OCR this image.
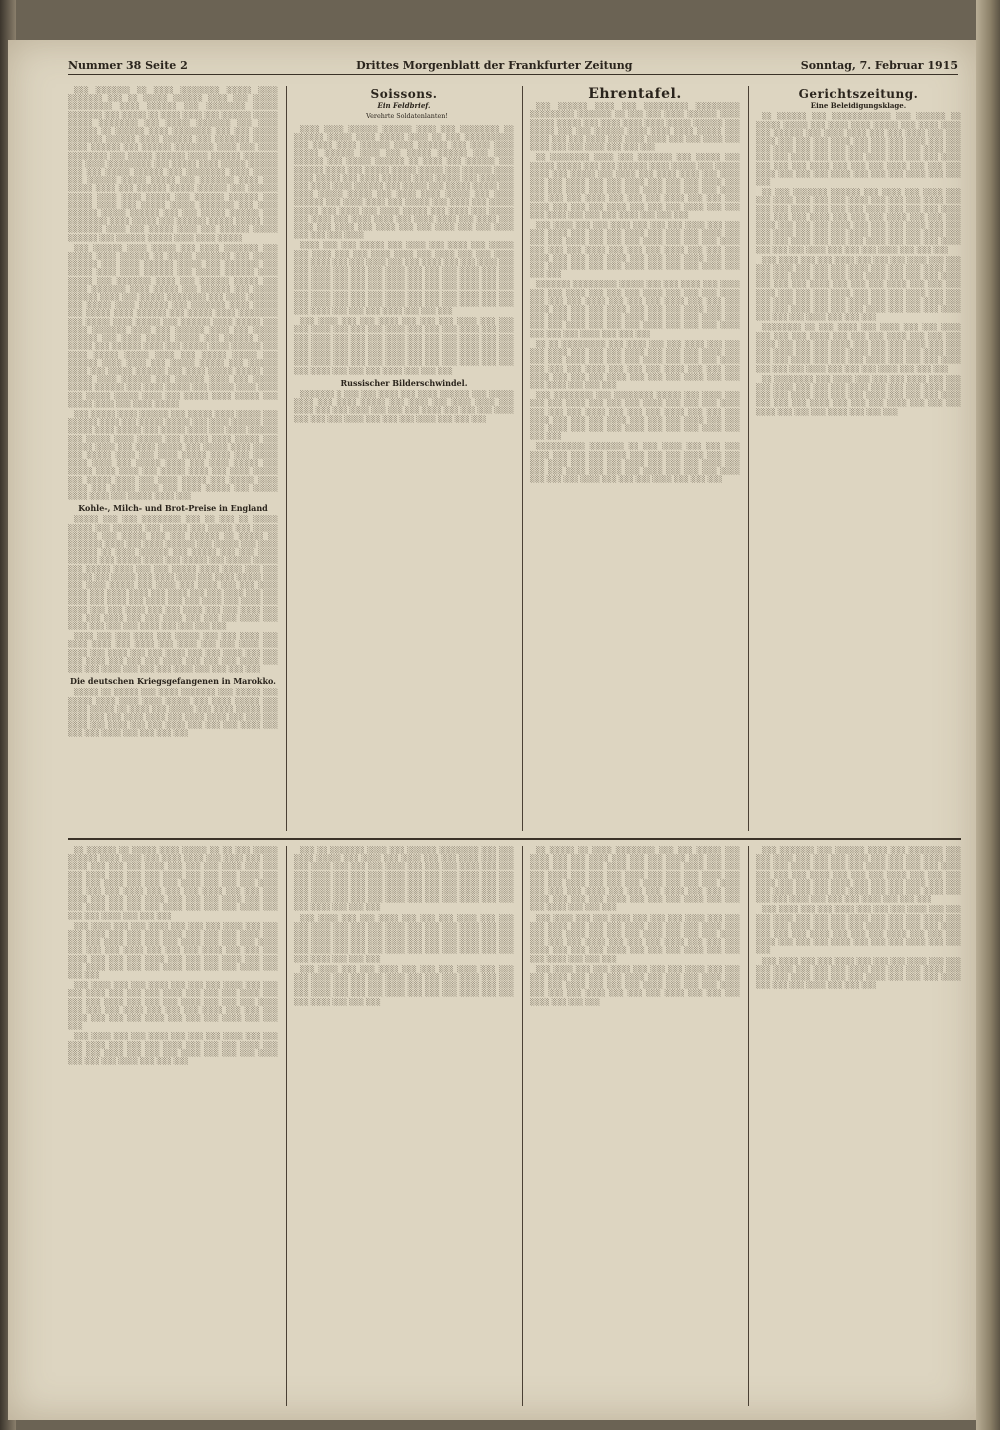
Nummer 38 Seite 2	Drittes Morgenblatt der Frankfurter Zeitung	Sonntag, 7. Februar 1915

░░░ ░░░░░░░ ░░ ░░░░ ░░░░░░░░ ░░░░░ ░░░░ ░░░░░░░ ░░░ ░░ ░░░░░ ░░░░░░ ░░░░ ░░░ ░░░░░ ░░░░░░░░░ ░░░░ ░░░░░░ ░░░ ░░░░░░░░ ░░░░░ ░░░░░░░ ░░░ ░░░░░ ░░ ░░░░ ░░░░ ░░░ ░░░░░░ ░░░░░ ░░░░░ ░░░░░░░░ ░░░ ░░░░░ ░░░░░░░ ░░░ ░░░░ ░░░░░░ ░░ ░░░░░░ ░░░░ ░░░░░░░░ ░░░ ░░░ ░░░░░ ░░░░░░░ ░░░░░░ ░░░░ ░░░░░░ ░░░ ░░░░░░░ ░░░░░ ░░░░ ░░░░░░ ░░░ ░░░░░░ ░░░░░░░░ ░░░░ ░░░ ░░░░ ░░░░░░░░ ░░░ ░░░░░ ░░░░░░ ░░░░ ░░░░░░ ░░░░░░░ ░░░ ░░░░ ░░░░░░░░░ ░░░ ░░░░░ ░░░░ ░░░░░ ░░░░░░ ░░░ ░░░ ░░░░░ ░░░░░░ ░░░ ░░░░░░░░ ░░░░ ░░░░░ ░░░ ░░░░░░ ░░░░░ ░░░░░ ░░░ ░░░░░░░ ░░░░ ░░░ ░░░░░ ░░░░ ░░░ ░░░░░░ ░░░░░ ░░░░░░ ░░░ ░░░░░░ ░░░░░ ░░░░ ░░░░ ░░░░░ ░░░ ░░░░░░ ░░░░░░ ░░░ ░░░░░ ░░░░ ░░░ ░░░░░ ░░░░░ ░░░░░░░ ░░░ ░░░░ ░░░░░░ ░░░░░ ░░░░░░ ░░░ ░░░ ░░░░░ ░░░░░░ ░░░ ░░░░░░░░ ░░░░ ░░░░░ ░░░ ░░░░░░ ░░░░░ ░░░░░ ░░░ ░░░░░░░ ░░░░ ░░░ ░░░░░ ░░░░ ░░░ ░░░░░░ ░░░░░ ░░░░░░ ░░░ ░░░░░░ ░░░░░ ░░░░ ░░░░ ░░░░░

░░░ ░░░░░░ ░░░░ ░░░░░ ░░░ ░░░░ ░░░░░░░ ░░░ ░░░░░ ░░░░ ░░░░░░ ░░ ░░░░░ ░░░░░░░ ░░░ ░░░░░ ░░░░░░ ░░░ ░░░░ ░░░░░░ ░░░░░ ░░░ ░░░░░░░ ░░░ ░░░░░ ░░░░ ░░░░ ░░░░░░ ░░░ ░░░░░ ░░░░░░ ░░░░ ░░░░░ ░░░ ░░░░░░░ ░░░░ ░░░ ░░░░░░ ░░░░░ ░░░ ░░░░ ░░░░░░░ ░░░░ ░░░░░ ░░░ ░░░░░░ ░░░ ░░░░░ ░░░░░░ ░░░░ ░░░ ░░░░░ ░░░░░░░░ ░░░ ░░░░ ░░░░░░ ░░░ ░░░░░ ░░░░ ░░░░░░ ░░░ ░░░░░░░ ░░░░ ░░░░░ ░░░ ░░░░░ ░░░░ ░░░░░░ ░░░ ░░░░░ ░░░░ ░░░░░░░░ ░░░ ░░░░░ ░░░░ ░░░░░ ░░░ ░░░░░░ ░░░░ ░░░░░ ░░░ ░░░░ ░░░░░░░ ░░░░ ░░░ ░░░░░░ ░░░░ ░░░ ░░░░░ ░░░░░░ ░░░ ░░░░ ░░░░░ ░░░░░ ░░░ ░░░░░░ ░░░░ ░░░░░ ░░░ ░░░░░░ ░░░░ ░░░ ░░░░░ ░░░░ ░░░░░░ ░░░ ░░░░ ░░░░░ ░░░░░ ░░░░ ░░░ ░░░░░ ░░░░░ ░░░ ░░░░░░ ░░░░ ░░░░ ░░░ ░░░░░ ░░░░░ ░░░ ░░░░░░ ░░░░ ░░░ ░░░░░ ░░░░░░ ░░░ ░░░░ ░░░░░ ░░░░░ ░░░ ░░░░░ ░░░░ ░░░░░░ ░░░ ░░░░░░ ░░░░ ░░░ ░░░░░ ░░░░░ ░░░░░░ ░░░ ░░░░ ░░░░░ ░░░ ░░░░░ ░░░░ ░░░░ ░░░ ░░░░░ ░░░░░ ░░░░ ░░░ ░░░░░ ░░░░ ░░░░░ ░░░ ░░░░░ ░░░░ ░░░ ░░░░ ░░░░░

░░░ ░░░░░ ░░░░ ░░░░░░ ░░░ ░░░░░ ░░░░ ░░░░░ ░░░ ░░░░░░ ░░░░ ░░░ ░░░░░ ░░░░░ ░░░ ░░░░ ░░░░░░ ░░░ ░░░░░ ░░░░ ░░░░░ ░░░ ░░░░░ ░░░░ ░░░ ░░░░ ░░░░░░ ░░░ ░░░░░ ░░░░ ░░░░░ ░░░ ░░░░░ ░░░░ ░░░░░ ░░░ ░░░░░ ░░░░ ░░░ ░░░░ ░░░░░ ░░░ ░░░░░ ░░░░ ░░░░░ ░░░ ░░░░░ ░░░░ ░░░ ░░░░ ░░░░░ ░░░░ ░░░ ░░░░░ ░░░░ ░░░░ ░░░ ░░░░░ ░░░░ ░░░ ░░░░ ░░░░░ ░░░ ░░░░░ ░░░░ ░░░░ ░░░ ░░░░░ ░░░░ ░░░ ░░░░ ░░░░░ ░░░ ░░░░░ ░░░░ ░░░ ░░░░ ░░░░░ ░░░ ░░░░░ ░░░░ ░░░░ ░░░ ░░░░░ ░░░░ ░░░ ░░░░ ░░░░░ ░░░ ░░░░░ ░░░░ ░░░░ ░░░ ░░░░░ ░░░░ ░░░

Kohle-, Milch- und Brot-Preise in England

░░░░░ ░░░ ░░░ ░░░░░░░░ ░░░ ░░ ░░░ ░░ ░░░░░ ░░░░░ ░░░ ░░░░░░ ░░░ ░░░░░ ░░░ ░░░░░ ░░░ ░░░░░ ░░░░░░ ░░░ ░░░░░ ░░░ ░░░ ░░░░░░ ░░ ░░░░░ ░░ ░░░░░░░ ░░░░ ░░░ ░░░░ ░░░░░░ ░░░ ░░░░░ ░░░ ░░░░ ░░░░░░ ░░ ░░░░ ░░░░░░ ░░░ ░░░░░ ░░░ ░░░ ░░░░ ░░░░░░ ░░░ ░░░░░ ░░░░ ░░░ ░░░░░ ░░░ ░░░░░ ░░░░░ ░░░ ░░░░░ ░░░░ ░░░ ░░░ ░░░░░ ░░░░ ░░░░ ░░░ ░░░ ░░░░░ ░░░ ░░░░░ ░░░ ░░░░ ░░░░ ░░░ ░░░░ ░░░░░ ░░░ ░░░ ░░░░ ░░░░░ ░░░ ░░░░ ░░░ ░░░░ ░░░ ░░░ ░░░░ ░░░░ ░░░ ░░░░ ░░░░ ░░░ ░░░░ ░░░ ░░░ ░░░░ ░░░ ░░░ ░░░░ ░░░ ░░░░ ░░░ ░░░░ ░░░ ░░░ ░░░░ ░░░ ░░░░ ░░░ ░░░░ ░░░ ░░░ ░░░░ ░░░ ░░░ ░░░░ ░░░ ░░░ ░░░░ ░░░ ░░░ ░░░ ░░░░ ░░░ ░░░ ░░░░ ░░░ ░░░ ░░░ ░░░░ ░░░ ░░░░ ░░░ ░░░ ░░░ ░░░░ ░░░ ░░░ ░░░ ░░░

░░░░ ░░░ ░░░ ░░░░ ░░░ ░░░░░ ░░░ ░░░ ░░░░ ░░░ ░░░░ ░░░░ ░░░ ░░░░ ░░░ ░░░░ ░░░ ░░░ ░░░░ ░░░ ░░░░ ░░░ ░░░░ ░░░ ░░░ ░░░░ ░░░ ░░░ ░░░░ ░░░ ░░░ ░░░ ░░░░ ░░░ ░░░ ░░░ ░░░░ ░░░ ░░░ ░░░ ░░░░ ░░░ ░░░ ░░░ ░░░░ ░░░ ░░░ ░░░ ░░░░ ░░░ ░░░ ░░░ ░░░

Die deutschen Kriegsgefangenen in Marokko.

░░░░░ ░░ ░░░░░ ░░░ ░░░░ ░░░░░░░ ░░░ ░░░░░ ░░░ ░░░░░ ░░░░ ░░░░ ░░░░ ░░░░░ ░░░ ░░░░ ░░░░░ ░░░ ░░░░ ░░░░░ ░░ ░░░░ ░░░ ░░░░░ ░░░ ░░░░ ░░░░░ ░░░ ░░░░ ░░░ ░░░ ░░░░ ░░░░ ░░░ ░░░░ ░░░░ ░░░ ░░░ ░░░ ░░░░ ░░░ ░░░░ ░░░ ░░░ ░░░░ ░░░ ░░░ ░░░ ░░░░ ░░░ ░░░ ░░░ ░░░░ ░░░ ░░░ ░░░ ░░░

Soissons.
Ein Feldbrief.

Verehrte Soldatenlanten!

░░░░ ░░░░ ░░░░░░ ░░░░░░ ░░░░ ░░░ ░░░░░░░░ ░░ ░░░░░░ ░░░░░ ░░░░ ░░░░░ ░░░░ ░░ ░░░ ░░░░░░░░░░ ░░░ ░░░░ ░░░░ ░░░░░░ ░░░░ ░░░░░░ ░░░ ░░░░ ░░░░ ░░░░░ ░░░░░░ ░░░░ ░░░ ░░░░░ ░░░░░░ ░░░ ░░░░ ░░░░░░ ░░░ ░░░░░ ░░░░░░ ░░ ░░░░ ░░░ ░░░░░░ ░░░ ░░░░░░ ░░░░ ░░░ ░░░░░ ░░░░░ ░░░░░ ░░░ ░░░░░░ ░░░░ ░░░░ ░░░░░ ░░░ ░░░░ ░░░░░░ ░░░░ ░░░░░ ░░░ ░░░░░░░ ░░░ ░░░░ ░░░░ ░░░░░░ ░░░ ░░░░░ ░░░ ░░░░░ ░░░░░ ░░░ ░░░░ ░░░░░ ░░░░░ ░░░ ░░░░ ░░░░ ░░░░░ ░░░ ░░░░ ░░░░░░ ░░░ ░░░░ ░░░░ ░░░ ░░░░░ ░░░ ░░░░ ░░░ ░░░░░ ░░░░░ ░░░ ░░░░ ░░░ ░░░░ ░░░░░ ░░░ ░░░░ ░░░ ░░░░░ ░░░ ░░░░ ░░░ ░░░░ ░░░░ ░░░ ░░░░ ░░░░ ░░░ ░░░░ ░░░ ░░░░ ░░░ ░░░░ ░░░ ░░░░ ░░░ ░░░ ░░░░ ░░░ ░░░ ░░░░ ░░░ ░░░ ░░░ ░░░░

░░░░ ░░░ ░░░ ░░░░░ ░░░ ░░░░ ░░░ ░░░░ ░░░ ░░░░░ ░░░ ░░░░ ░░░ ░░░ ░░░░ ░░░░ ░░░ ░░░░ ░░░ ░░░ ░░░░ ░░░ ░░░░ ░░░ ░░░ ░░░░ ░░░ ░░░ ░░░░ ░░░ ░░░ ░░░░ ░░░ ░░░ ░░░░ ░░░ ░░░ ░░░ ░░░░ ░░░ ░░░ ░░░ ░░░░ ░░░ ░░░ ░░░ ░░░░ ░░░ ░░░ ░░░ ░░░░ ░░░ ░░░ ░░░ ░░░░ ░░░ ░░░ ░░░ ░░░░ ░░░ ░░░ ░░░ ░░░░ ░░░ ░░░ ░░░ ░░░░ ░░░ ░░░ ░░░ ░░░░ ░░░ ░░░ ░░░ ░░░░ ░░░ ░░░ ░░░ ░░░░ ░░░ ░░░ ░░░ ░░░░ ░░░ ░░░ ░░░ ░░░░ ░░░ ░░░ ░░░ ░░░░ ░░░ ░░░ ░░░ ░░░░ ░░░ ░░░ ░░░ ░░░░ ░░░ ░░░ ░░░

░░░ ░░░░ ░░░ ░░░ ░░░░ ░░░ ░░░ ░░░ ░░░░ ░░░ ░░░ ░░░ ░░░░ ░░░ ░░░ ░░░ ░░░░ ░░░ ░░░ ░░░ ░░░░ ░░░ ░░░ ░░░ ░░░░ ░░░ ░░░ ░░░ ░░░░ ░░░ ░░░ ░░░ ░░░░ ░░░ ░░░ ░░░ ░░░░ ░░░ ░░░ ░░░ ░░░░ ░░░ ░░░ ░░░ ░░░░ ░░░ ░░░ ░░░ ░░░░ ░░░ ░░░ ░░░ ░░░░ ░░░ ░░░ ░░░ ░░░░ ░░░ ░░░ ░░░ ░░░░ ░░░ ░░░ ░░░ ░░░░ ░░░ ░░░ ░░░ ░░░░ ░░░ ░░░ ░░░ ░░░░ ░░░ ░░░ ░░░ ░░░░ ░░░ ░░░ ░░░

Russischer Bilderschwindel.

░░░░░░░ ░ ░░░ ░░░ ░░░░ ░░░ ░░░░ ░░░░░░ ░░░ ░░░░░ ░░░░ ░░░ ░░░░ ░░░░░ ░░░ ░░░░ ░░░ ░░░░ ░░░░ ░░░ ░░░░ ░░░ ░░░ ░░░░ ░░░ ░░░ ░░░ ░░░░ ░░░ ░░░ ░░░ ░░░░ ░░░ ░░░ ░░░ ░░░░ ░░░ ░░░ ░░░ ░░░░ ░░░ ░░░ ░░░

Ehrentafel.

░░░ ░░░░░░ ░░░░ ░░░ ░░░░░░░░░ ░░░░░░░░░ ░░░░░░░░░ ░░░░░░░ ░░ ░░░ ░░░ ░░░░ ░░░░░░ ░░░░ ░░░░░ ░░░░░ ░░░ ░░░░ ░░░░ ░░░░ ░░░░░ ░░░░░░ ░░░ ░░░░░ ░░░ ░░░ ░░░░░░ ░░░░ ░░░░ ░░░░ ░░░░░ ░░░ ░░░░ ░░░ ░░░ ░░░░ ░░░ ░░░░ ░░░░ ░░░ ░░░ ░░░░ ░░░ ░░░░ ░░░ ░░░ ░░░░ ░░░ ░░░ ░░░

░░ ░░░░░░░░ ░░░░ ░░░ ░░░░░░░ ░░░ ░░░░░ ░░░ ░░░░░ ░░░░░ ░░░ ░░░ ░░░░░░ ░░░░ ░░░░░ ░░░ ░░░░░ ░░░░ ░░░ ░░░░░ ░░░ ░░░░ ░░░ ░░░░ ░░░░ ░░░ ░░░░ ░░░ ░░░ ░░░░ ░░░ ░░░ ░░░░ ░░░ ░░░ ░░░ ░░░░ ░░░ ░░░ ░░░ ░░░░ ░░░ ░░░ ░░░ ░░░░ ░░░ ░░░ ░░░ ░░░░ ░░░ ░░░ ░░░ ░░░░ ░░░ ░░░ ░░░ ░░░░ ░░░ ░░░ ░░░ ░░░░ ░░░ ░░░ ░░░ ░░░░ ░░░ ░░░ ░░░ ░░░░ ░░░ ░░░ ░░░ ░░░░ ░░░ ░░░ ░░░ ░░░░ ░░░ ░░░ ░░░

░░░ ░░░░ ░░░ ░░░ ░░░░ ░░░ ░░░ ░░░ ░░░░ ░░░ ░░░ ░░░ ░░░░ ░░░ ░░░ ░░░ ░░░░ ░░░ ░░░ ░░░ ░░░░ ░░░ ░░░ ░░░ ░░░░ ░░░ ░░░ ░░░ ░░░░ ░░░ ░░░ ░░░ ░░░░ ░░░ ░░░ ░░░ ░░░░ ░░░ ░░░ ░░░ ░░░░ ░░░ ░░░ ░░░ ░░░░ ░░░ ░░░ ░░░ ░░░░ ░░░ ░░░ ░░░ ░░░░ ░░░ ░░░ ░░░ ░░░░ ░░░ ░░░ ░░░ ░░░░ ░░░ ░░░ ░░░ ░░░░ ░░░ ░░░ ░░░

░░░░░░░ ░░░░░░░░░ ░░░░░ ░░░ ░░░ ░░░░ ░░░ ░░░░ ░░░ ░░░ ░░░░ ░░░ ░░░ ░░░ ░░░░ ░░░ ░░░ ░░░ ░░░░ ░░░ ░░░ ░░░ ░░░░ ░░░ ░░░ ░░░ ░░░░ ░░░ ░░░ ░░░ ░░░░ ░░░ ░░░ ░░░ ░░░░ ░░░ ░░░ ░░░ ░░░░ ░░░ ░░░ ░░░ ░░░░ ░░░ ░░░ ░░░ ░░░░ ░░░ ░░░ ░░░ ░░░░ ░░░ ░░░ ░░░ ░░░░ ░░░ ░░░ ░░░ ░░░░ ░░░ ░░░ ░░░ ░░░░ ░░░ ░░░ ░░░ ░░░░ ░░░ ░░░ ░░░

░░ ░░ ░░░░░░░░░ ░░░ ░░░░ ░░░ ░░░ ░░░░ ░░░ ░░░ ░░░ ░░░░ ░░░ ░░░ ░░░ ░░░░ ░░░ ░░░ ░░░ ░░░░ ░░░ ░░░ ░░░ ░░░░ ░░░ ░░░ ░░░ ░░░░ ░░░ ░░░ ░░░ ░░░░ ░░░ ░░░ ░░░ ░░░░ ░░░ ░░░ ░░░ ░░░░ ░░░ ░░░ ░░░ ░░░░ ░░░ ░░░ ░░░ ░░░░ ░░░ ░░░ ░░░ ░░░░ ░░░ ░░░ ░░░ ░░░░ ░░░ ░░░ ░░░

░░░ ░░░░░░░░ ░░░ ░░░░░░░░ ░░░░░ ░░░ ░░░░ ░░░ ░░░ ░░░ ░░░░ ░░░ ░░░ ░░░ ░░░░ ░░░ ░░░ ░░░ ░░░░ ░░░ ░░░ ░░░ ░░░░ ░░░ ░░░ ░░░ ░░░░ ░░░ ░░░ ░░░ ░░░░ ░░░ ░░░ ░░░ ░░░░ ░░░ ░░░ ░░░ ░░░░ ░░░ ░░░ ░░░ ░░░░ ░░░ ░░░ ░░░ ░░░░ ░░░ ░░░ ░░░ ░░░░ ░░░ ░░░ ░░░

░░░░░░░░░░ ░░░░░░░ ░░ ░░░ ░░░░ ░░░ ░░░ ░░░ ░░░░ ░░░ ░░░ ░░░ ░░░░ ░░░ ░░░ ░░░ ░░░░ ░░░ ░░░ ░░░ ░░░░ ░░░ ░░░ ░░░ ░░░░ ░░░ ░░░ ░░░ ░░░░ ░░░ ░░░ ░░░ ░░░░ ░░░ ░░░ ░░░ ░░░░ ░░░ ░░░ ░░░ ░░░░ ░░░ ░░░ ░░░ ░░░░ ░░░ ░░░ ░░░ ░░░░ ░░░ ░░░ ░░░

Gerichtszeitung.
Eine Beleidigungsklage.

░░ ░░░░░░ ░░░ ░░░░░░░░░░░░ ░░░ ░░░░░░ ░░ ░░░░░ ░░░░░ ░░░ ░░░░ ░░░░ ░░░░░ ░░░ ░░░░ ░░░░ ░░░ ░░░░░░ ░░░ ░░░░ ░░░░ ░░░ ░░░ ░░░░ ░░░ ░░░ ░░░░ ░░░ ░░░ ░░░ ░░░░ ░░░ ░░░ ░░░ ░░░░ ░░░ ░░░ ░░░ ░░░░ ░░░ ░░░ ░░░ ░░░░ ░░░ ░░░ ░░░ ░░░░ ░░░ ░░░ ░░░ ░░░░ ░░░ ░░░ ░░░ ░░░░ ░░░ ░░░ ░░░ ░░░░ ░░░ ░░░ ░░░ ░░░░ ░░░ ░░░ ░░░ ░░░░ ░░░ ░░░ ░░░ ░░░░ ░░░ ░░░ ░░░ ░░░░ ░░░ ░░░ ░░░ ░░░░ ░░░ ░░░ ░░░

░░ ░░░ ░░░░░░░ ░░░░░░ ░░░ ░░░░ ░░░ ░░░░ ░░░ ░░░ ░░░░ ░░░ ░░░ ░░░ ░░░░ ░░░ ░░░ ░░░ ░░░░ ░░░ ░░░ ░░░ ░░░░ ░░░ ░░░ ░░░ ░░░░ ░░░ ░░░ ░░░ ░░░░ ░░░ ░░░ ░░░ ░░░░ ░░░ ░░░ ░░░ ░░░░ ░░░ ░░░ ░░░ ░░░░ ░░░ ░░░ ░░░ ░░░░ ░░░ ░░░ ░░░ ░░░░ ░░░ ░░░ ░░░ ░░░░ ░░░ ░░░ ░░░ ░░░░ ░░░ ░░░ ░░░ ░░░░ ░░░ ░░░ ░░░ ░░░░ ░░░ ░░░ ░░░ ░░░░ ░░░ ░░░ ░░░ ░░░░ ░░░ ░░░ ░░░ ░░░░ ░░░ ░░░ ░░░ ░░░░ ░░░ ░░░ ░░░

░░░ ░░░░ ░░░ ░░░ ░░░░ ░░░ ░░░ ░░░ ░░░░ ░░░ ░░░ ░░░ ░░░░ ░░░ ░░░ ░░░ ░░░░ ░░░ ░░░ ░░░ ░░░░ ░░░ ░░░ ░░░ ░░░░ ░░░ ░░░ ░░░ ░░░░ ░░░ ░░░ ░░░ ░░░░ ░░░ ░░░ ░░░ ░░░░ ░░░ ░░░ ░░░ ░░░░ ░░░ ░░░ ░░░ ░░░░ ░░░ ░░░ ░░░ ░░░░ ░░░ ░░░ ░░░ ░░░░ ░░░ ░░░ ░░░ ░░░░ ░░░ ░░░ ░░░ ░░░░ ░░░ ░░░ ░░░ ░░░░ ░░░ ░░░ ░░░ ░░░░ ░░░ ░░░ ░░░ ░░░░ ░░░ ░░░ ░░░ ░░░░ ░░░ ░░░ ░░░ ░░░░ ░░░ ░░░ ░░░

░░░░░░░░ ░░ ░░░ ░░░░ ░░░ ░░░░ ░░░ ░░░ ░░░░ ░░░ ░░░ ░░░ ░░░░ ░░░ ░░░ ░░░ ░░░░ ░░░ ░░░ ░░░ ░░░░ ░░░ ░░░ ░░░ ░░░░ ░░░ ░░░ ░░░ ░░░░ ░░░ ░░░ ░░░ ░░░░ ░░░ ░░░ ░░░ ░░░░ ░░░ ░░░ ░░░ ░░░░ ░░░ ░░░ ░░░ ░░░░ ░░░ ░░░ ░░░ ░░░░ ░░░ ░░░ ░░░ ░░░░ ░░░ ░░░ ░░░ ░░░░ ░░░ ░░░ ░░░ ░░░░ ░░░ ░░░ ░░░

░░ ░░░░░░░░ ░░░ ░░░░ ░░░ ░░░ ░░░ ░░░░ ░░░ ░░░ ░░░ ░░░░ ░░░ ░░░ ░░░ ░░░░ ░░░ ░░░ ░░░ ░░░░ ░░░ ░░░ ░░░ ░░░░ ░░░ ░░░ ░░░ ░░░░ ░░░ ░░░ ░░░ ░░░░ ░░░ ░░░ ░░░ ░░░░ ░░░ ░░░ ░░░ ░░░░ ░░░ ░░░ ░░░ ░░░░ ░░░ ░░░ ░░░ ░░░░ ░░░ ░░░ ░░░

░░ ░░░░░░ ░░ ░░░░░ ░░░░ ░░░░░ ░░ ░░ ░░░ ░░░░░ ░░░░░░ ░░░░ ░░░░ ░░░ ░░░░ ░░░░ ░░░ ░░░░ ░░░ ░░░ ░░░░ ░░░ ░░░ ░░░ ░░░░ ░░░ ░░░ ░░░ ░░░░ ░░░ ░░░ ░░░ ░░░░ ░░░ ░░░ ░░░ ░░░░ ░░░ ░░░ ░░░ ░░░░ ░░░ ░░░ ░░░ ░░░░ ░░░ ░░░ ░░░ ░░░░ ░░░ ░░░ ░░░ ░░░░ ░░░ ░░░ ░░░ ░░░░ ░░░ ░░░ ░░░ ░░░░ ░░░ ░░░ ░░░ ░░░░ ░░░ ░░░ ░░░ ░░░░ ░░░ ░░░ ░░░ ░░░░ ░░░ ░░░ ░░░ ░░░░ ░░░ ░░░ ░░░ ░░░░ ░░░ ░░░ ░░░ ░░░░ ░░░ ░░░ ░░░ ░░░░ ░░░ ░░░ ░░░

░░░ ░░░░ ░░░ ░░░ ░░░░ ░░░ ░░░ ░░░ ░░░░ ░░░ ░░░ ░░░ ░░░░ ░░░ ░░░ ░░░ ░░░░ ░░░ ░░░ ░░░ ░░░░ ░░░ ░░░ ░░░ ░░░░ ░░░ ░░░ ░░░ ░░░░ ░░░ ░░░ ░░░ ░░░░ ░░░ ░░░ ░░░ ░░░░ ░░░ ░░░ ░░░ ░░░░ ░░░ ░░░ ░░░ ░░░░ ░░░ ░░░ ░░░ ░░░░ ░░░ ░░░ ░░░ ░░░░ ░░░ ░░░ ░░░ ░░░░ ░░░ ░░░ ░░░ ░░░░ ░░░ ░░░ ░░░ ░░░░ ░░░ ░░░ ░░░

░░░ ░░░░ ░░░ ░░░ ░░░░ ░░░ ░░░ ░░░ ░░░░ ░░░ ░░░ ░░░ ░░░░ ░░░ ░░░ ░░░ ░░░░ ░░░ ░░░ ░░░ ░░░░ ░░░ ░░░ ░░░ ░░░░ ░░░ ░░░ ░░░ ░░░░ ░░░ ░░░ ░░░ ░░░░ ░░░ ░░░ ░░░ ░░░░ ░░░ ░░░ ░░░ ░░░░ ░░░ ░░░ ░░░ ░░░░ ░░░ ░░░ ░░░ ░░░░ ░░░ ░░░ ░░░ ░░░░ ░░░ ░░░ ░░░

░░░ ░░░░ ░░░ ░░░ ░░░░ ░░░ ░░░ ░░░ ░░░░ ░░░ ░░░ ░░░ ░░░░ ░░░ ░░░ ░░░ ░░░░ ░░░ ░░░ ░░░ ░░░░ ░░░ ░░░ ░░░ ░░░░ ░░░ ░░░ ░░░ ░░░░ ░░░ ░░░ ░░░ ░░░░ ░░░ ░░░ ░░░ ░░░░ ░░░ ░░░ ░░░

░░░ ░░ ░░░░░░░ ░░░░ ░░░ ░░░░░░ ░░░░░░░░ ░░░ ░░░ ░░░░ ░░░░░ ░░░ ░░░░ ░░░ ░░░░ ░░░ ░░░ ░░░░ ░░░ ░░░ ░░░ ░░░░ ░░░ ░░░ ░░░ ░░░░ ░░░ ░░░ ░░░ ░░░░ ░░░ ░░░ ░░░ ░░░░ ░░░ ░░░ ░░░ ░░░░ ░░░ ░░░ ░░░ ░░░░ ░░░ ░░░ ░░░ ░░░░ ░░░ ░░░ ░░░ ░░░░ ░░░ ░░░ ░░░ ░░░░ ░░░ ░░░ ░░░ ░░░░ ░░░ ░░░ ░░░ ░░░░ ░░░ ░░░ ░░░ ░░░░ ░░░ ░░░ ░░░ ░░░░ ░░░ ░░░ ░░░ ░░░░ ░░░ ░░░ ░░░ ░░░░ ░░░ ░░░ ░░░ ░░░░ ░░░ ░░░ ░░░

░░░ ░░░░ ░░░ ░░░ ░░░░ ░░░ ░░░ ░░░ ░░░░ ░░░ ░░░ ░░░ ░░░░ ░░░ ░░░ ░░░ ░░░░ ░░░ ░░░ ░░░ ░░░░ ░░░ ░░░ ░░░ ░░░░ ░░░ ░░░ ░░░ ░░░░ ░░░ ░░░ ░░░ ░░░░ ░░░ ░░░ ░░░ ░░░░ ░░░ ░░░ ░░░ ░░░░ ░░░ ░░░ ░░░ ░░░░ ░░░ ░░░ ░░░ ░░░░ ░░░ ░░░ ░░░ ░░░░ ░░░ ░░░ ░░░ ░░░░ ░░░ ░░░ ░░░ ░░░░ ░░░ ░░░ ░░░

░░░ ░░░░ ░░░ ░░░ ░░░░ ░░░ ░░░ ░░░ ░░░░ ░░░ ░░░ ░░░ ░░░░ ░░░ ░░░ ░░░ ░░░░ ░░░ ░░░ ░░░ ░░░░ ░░░ ░░░ ░░░ ░░░░ ░░░ ░░░ ░░░ ░░░░ ░░░ ░░░ ░░░ ░░░░ ░░░ ░░░ ░░░ ░░░░ ░░░ ░░░ ░░░ ░░░░ ░░░ ░░░ ░░░ ░░░░ ░░░ ░░░ ░░░ ░░░░ ░░░ ░░░ ░░░

░░ ░░░░░ ░░ ░░░░ ░░░░░░░░ ░░░ ░░░ ░░░░░ ░░░ ░░░░ ░░░ ░░░ ░░░░ ░░░ ░░░ ░░░ ░░░░ ░░░ ░░░ ░░░ ░░░░ ░░░ ░░░ ░░░ ░░░░ ░░░ ░░░ ░░░ ░░░░ ░░░ ░░░ ░░░ ░░░░ ░░░ ░░░ ░░░ ░░░░ ░░░ ░░░ ░░░ ░░░░ ░░░ ░░░ ░░░ ░░░░ ░░░ ░░░ ░░░ ░░░░ ░░░ ░░░ ░░░ ░░░░ ░░░ ░░░ ░░░ ░░░░ ░░░ ░░░ ░░░ ░░░░ ░░░ ░░░ ░░░ ░░░░ ░░░ ░░░ ░░░ ░░░░ ░░░ ░░░ ░░░ ░░░░ ░░░ ░░░ ░░░ ░░░░ ░░░ ░░░ ░░░

░░░ ░░░░ ░░░ ░░░ ░░░░ ░░░ ░░░ ░░░ ░░░░ ░░░ ░░░ ░░░ ░░░░ ░░░ ░░░ ░░░ ░░░░ ░░░ ░░░ ░░░ ░░░░ ░░░ ░░░ ░░░ ░░░░ ░░░ ░░░ ░░░ ░░░░ ░░░ ░░░ ░░░ ░░░░ ░░░ ░░░ ░░░ ░░░░ ░░░ ░░░ ░░░ ░░░░ ░░░ ░░░ ░░░ ░░░░ ░░░ ░░░ ░░░ ░░░░ ░░░ ░░░ ░░░ ░░░░ ░░░ ░░░ ░░░ ░░░░ ░░░ ░░░ ░░░

░░░ ░░░░ ░░░ ░░░ ░░░░ ░░░ ░░░ ░░░ ░░░░ ░░░ ░░░ ░░░ ░░░░ ░░░ ░░░ ░░░ ░░░░ ░░░ ░░░ ░░░ ░░░░ ░░░ ░░░ ░░░ ░░░░ ░░░ ░░░ ░░░ ░░░░ ░░░ ░░░ ░░░ ░░░░ ░░░ ░░░ ░░░ ░░░░ ░░░ ░░░ ░░░ ░░░░ ░░░ ░░░ ░░░ ░░░░ ░░░ ░░░ ░░░

░░░ ░░░░░░░ ░░░ ░░░░░░ ░░░░ ░░░ ░░░░░░░ ░░░ ░░░ ░░░░ ░░░ ░░░ ░░░ ░░░░ ░░░ ░░░ ░░░ ░░░░ ░░░ ░░░ ░░░ ░░░░ ░░░ ░░░ ░░░ ░░░░ ░░░ ░░░ ░░░ ░░░░ ░░░ ░░░ ░░░ ░░░░ ░░░ ░░░ ░░░ ░░░░ ░░░ ░░░ ░░░ ░░░░ ░░░ ░░░ ░░░ ░░░░ ░░░ ░░░ ░░░ ░░░░ ░░░ ░░░ ░░░ ░░░░ ░░░ ░░░ ░░░ ░░░░ ░░░ ░░░ ░░░ ░░░░ ░░░ ░░░ ░░░ ░░░░ ░░░ ░░░ ░░░ ░░░░ ░░░ ░░░ ░░░

░░░ ░░░░ ░░░ ░░░ ░░░░ ░░░ ░░░ ░░░ ░░░░ ░░░ ░░░ ░░░ ░░░░ ░░░ ░░░ ░░░ ░░░░ ░░░ ░░░ ░░░ ░░░░ ░░░ ░░░ ░░░ ░░░░ ░░░ ░░░ ░░░ ░░░░ ░░░ ░░░ ░░░ ░░░░ ░░░ ░░░ ░░░ ░░░░ ░░░ ░░░ ░░░ ░░░░ ░░░ ░░░ ░░░ ░░░░ ░░░ ░░░ ░░░ ░░░░ ░░░ ░░░ ░░░ ░░░░ ░░░ ░░░ ░░░

░░░ ░░░░ ░░░ ░░░ ░░░░ ░░░ ░░░ ░░░ ░░░░ ░░░ ░░░ ░░░ ░░░░ ░░░ ░░░ ░░░ ░░░░ ░░░ ░░░ ░░░ ░░░░ ░░░ ░░░ ░░░ ░░░░ ░░░ ░░░ ░░░ ░░░░ ░░░ ░░░ ░░░ ░░░░ ░░░ ░░░ ░░░ ░░░░ ░░░ ░░░ ░░░
